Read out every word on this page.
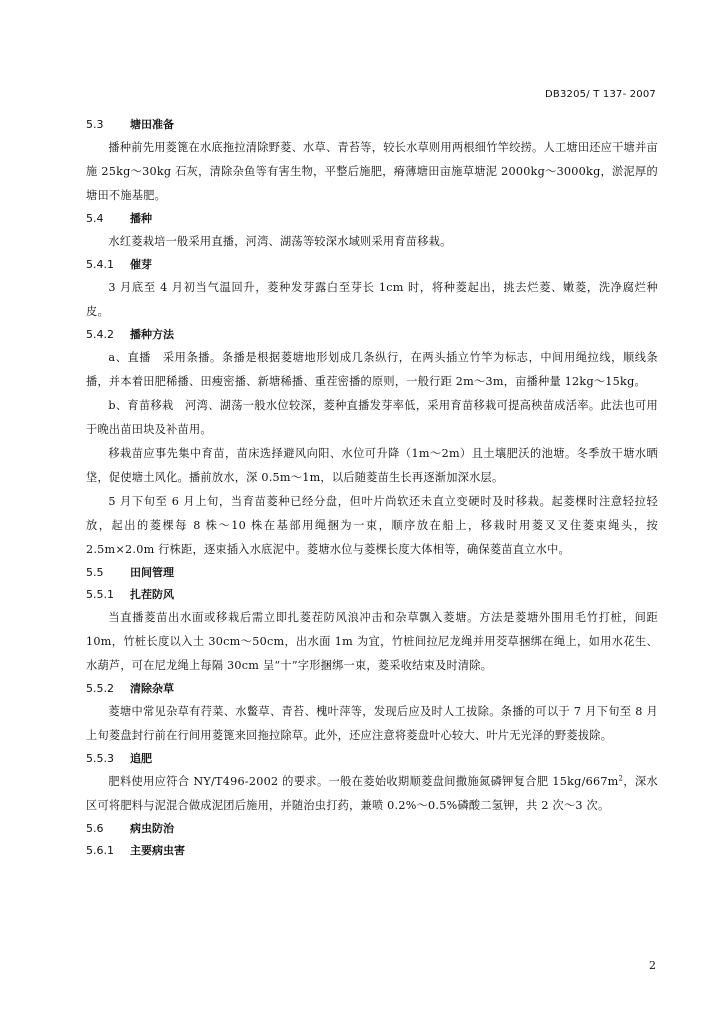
DB3205/ T 137- 2007
5.3 塘田准备

播种前先用菱篦在水底拖拉清除野菱、水草、青苔等，较长水草则用两根细竹竿绞捞。人工塘田还应干塘并亩施 25kg～30kg 石灰，清除杂鱼等有害生物，平整后施肥，瘠薄塘田亩施草塘泥 2000kg～3000kg，淤泥厚的塘田不施基肥。

5.4 播种

水红菱栽培一般采用直播，河湾、湖荡等较深水域则采用育苗移栽。

5.4.1 催芽

3 月底至 4 月初当气温回升，菱种发芽露白至芽长 1cm 时，将种菱起出，挑去烂菱、嫩菱，洗净腐烂种皮。

5.4.2 播种方法

a、直播　采用条播。条播是根据菱塘地形划成几条纵行，在两头插立竹竿为标志，中间用绳拉线，顺线条播，并本着田肥稀播、田瘦密播、新塘稀播、重茬密播的原则，一般行距 2m～3m，亩播种量 12kg～15kg。

b、育苗移栽　河湾、湖荡一般水位较深，菱种直播发芽率低，采用育苗移栽可提高秧苗成活率。此法也可用于晚出苗田块及补苗用。

移栽苗应事先集中育苗，苗床选择避风向阳、水位可升降（1m～2m）且土壤肥沃的池塘。冬季放干塘水晒垡，促使塘土风化。播前放水，深 0.5m～1m，以后随菱苗生长再逐渐加深水层。

5 月下旬至 6 月上旬，当育苗菱种已经分盘，但叶片尚软还未直立变硬时及时移栽。起菱棵时注意轻拉轻放，起出的菱棵每 8 株～10 株在基部用绳捆为一束，顺序放在船上，移栽时用菱叉叉住菱束绳头，按 2.5m×2.0m 行株距，逐束插入水底泥中。菱塘水位与菱棵长度大体相等，确保菱苗直立水中。

5.5 田间管理
5.5.1 扎茬防风

当直播菱苗出水面或移栽后需立即扎菱茬防风浪冲击和杂草飘入菱塘。方法是菱塘外围用毛竹打桩，间距 10m，竹桩长度以入土 30cm～50cm，出水面 1m 为宜，竹桩间拉尼龙绳并用茭草捆绑在绳上，如用水花生、水葫芦，可在尼龙绳上每隔 30cm 呈“十”字形捆绑一束，菱采收结束及时清除。

5.5.2 清除杂草

菱塘中常见杂草有荇菜、水鳖草、青苔、槐叶萍等，发现后应及时人工拔除。条播的可以于 7 月下旬至 8 月上旬菱盘封行前在行间用菱篦来回拖拉除草。此外，还应注意将菱盘叶心较大、叶片无光泽的野菱拔除。

5.5.3 追肥

肥料使用应符合 NY/T496-2002 的要求。一般在菱始收期顺菱盘间撒施氮磷钾复合肥 $15kg/667m^2$，深水区可将肥料与泥混合做成泥团后施用，并随治虫打药，兼喷 0.2%～0.5%磷酸二氢钾，共 2 次～3 次。

5.6 病虫防治
5.6.1 主要病虫害
2
